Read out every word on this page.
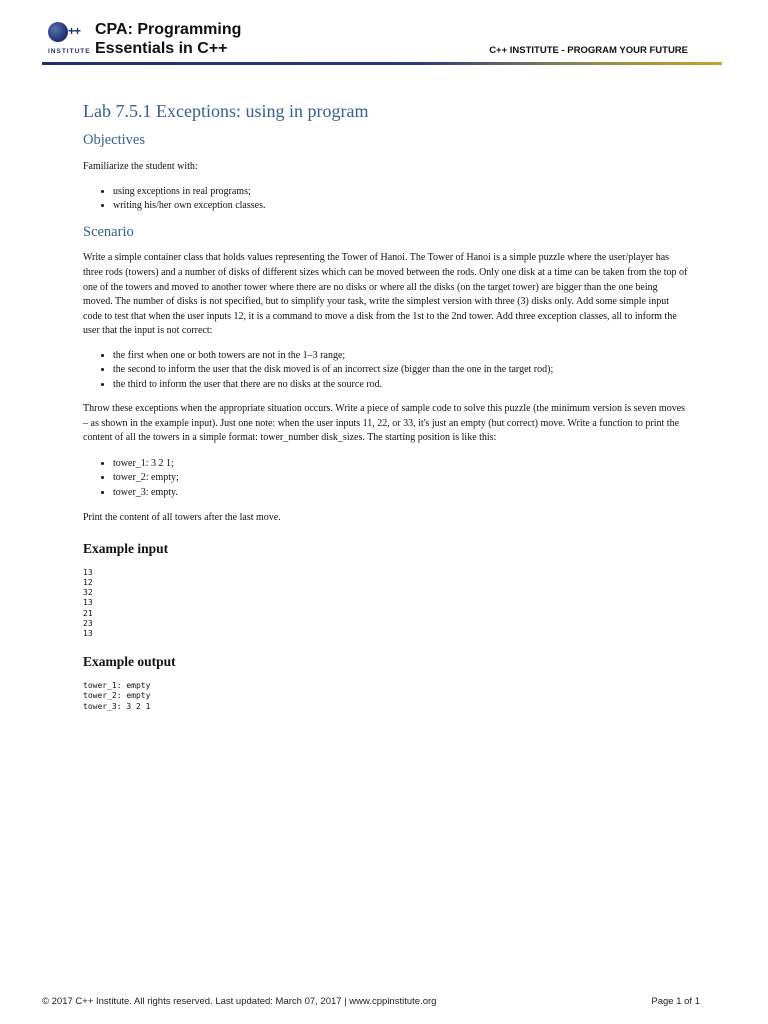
++
INSTITUTE
CPA: Programming
Essentials in C++	C++ INSTITUTE - PROGRAM YOUR FUTURE
Lab 7.5.1 Exceptions: using in program
Objectives

Familiarize the student with:

• using exceptions in real programs;
• writing his/her own exception classes.
Scenario

Write a simple container class that holds values representing the Tower of Hanoi. The Tower of Hanoi is a simple puzzle where the user/player has three rods (towers) and a number of disks of different sizes which can be moved between the rods. Only one disk at a time can be taken from the top of one of the towers and moved to another tower where there are no disks or where all the disks (on the target tower) are bigger than the one being moved. The number of disks is not specified, but to simplify your task, write the simplest version with three (3) disks only. Add some simple input code to test that when the user inputs 12, it is a command to move a disk from the 1st to the 2nd tower. Add three exception classes, all to inform the user that the input is not correct:

• the first when one or both towers are not in the 1–3 range;
• the second to inform the user that the disk moved is of an incorrect size (bigger than the one in the target rod);
• the third to inform the user that there are no disks at the source rod.

Throw these exceptions when the appropriate situation occurs. Write a piece of sample code to solve this puzzle (the minimum version is seven moves – as shown in the example input). Just one note: when the user inputs 11, 22, or 33, it's just an empty (but correct) move. Write a function to print the content of all the towers in a simple format: tower_number disk_sizes. The starting position is like this:

• tower_1: 3 2 1;
• tower_2: empty;
• tower_3: empty.

Print the content of all towers after the last move.

Example input
13
12
32
13
21
23
13
Example output
tower_1: empty
tower_2: empty
tower_3: 3 2 1
© 2017 C++ Institute. All rights reserved. Last updated: March 07, 2017 | www.cppinstitute.org	Page 1 of 1
